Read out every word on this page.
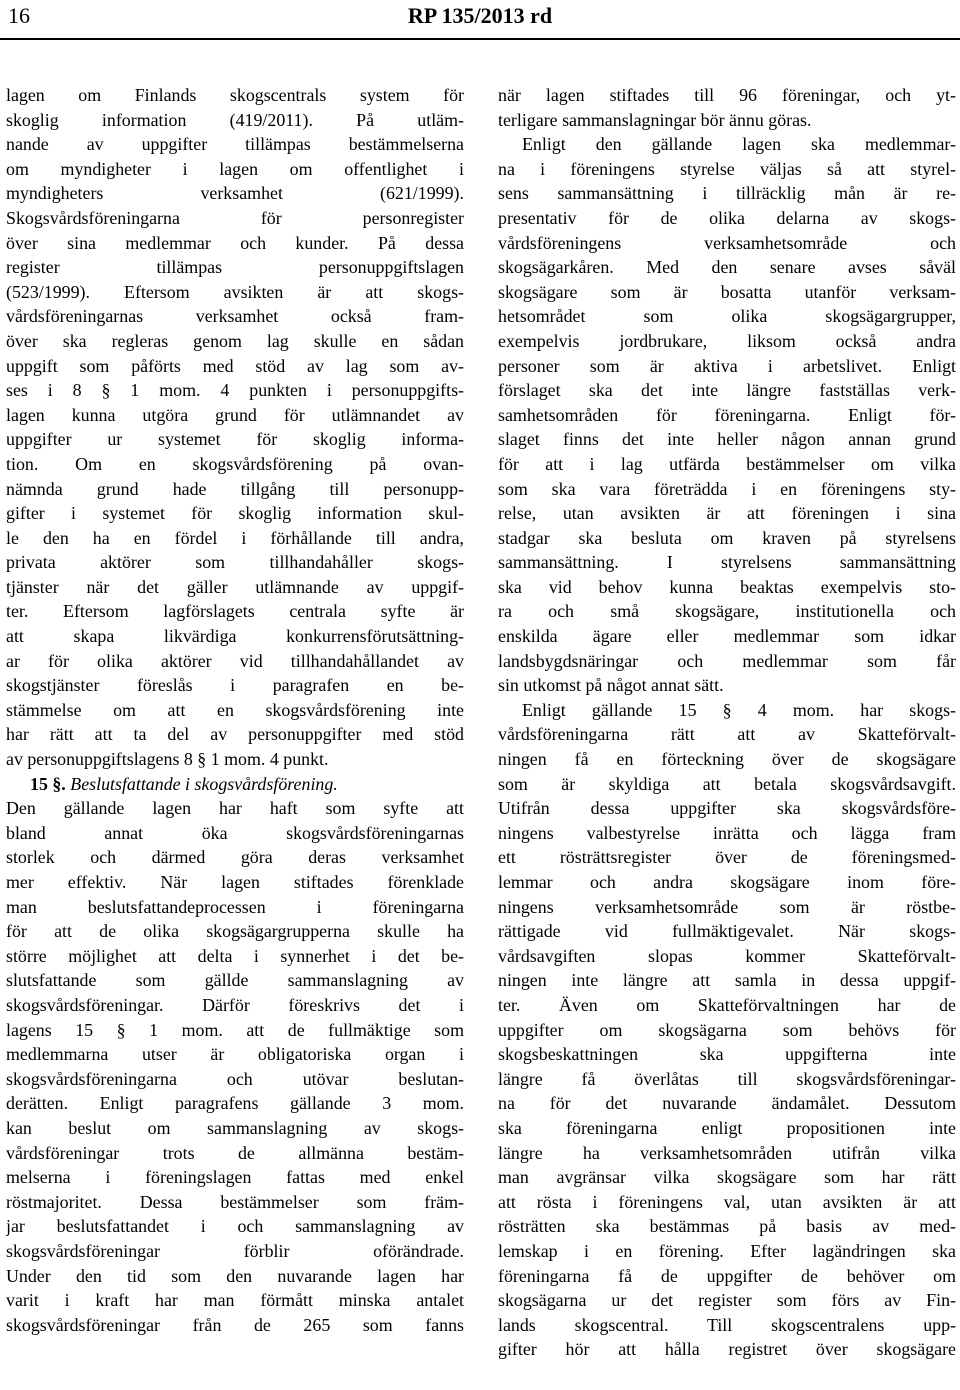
16	RP 135/2013 rd
lagen om Finlands skogscentrals system för
skoglig information (419/2011). På utläm-
nande av uppgifter tillämpas bestämmelserna
om myndigheter i lagen om offentlighet i
myndigheters verksamhet (621/1999).
Skogsvårdsföreningarna för personregister
över sina medlemmar och kunder. På dessa
register tillämpas personuppgiftslagen
(523/1999). Eftersom avsikten är att skogs-
vårdsföreningarnas verksamhet också fram-
över ska regleras genom lag skulle en sådan
uppgift som påförts med stöd av lag som av-
ses i 8 § 1 mom. 4 punkten i personuppgifts-
lagen kunna utgöra grund för utlämnandet av
uppgifter ur systemet för skoglig informa-
tion. Om en skogsvårdsförening på ovan-
nämnda grund hade tillgång till personupp-
gifter i systemet för skoglig information skul-
le den ha en fördel i förhållande till andra,
privata aktörer som tillhandahåller skogs-
tjänster när det gäller utlämnande av uppgif-
ter. Eftersom lagförslagets centrala syfte är
att skapa likvärdiga konkurrensförutsättning-
ar för olika aktörer vid tillhandahållandet av
skogstjänster föreslås i paragrafen en be-
stämmelse om att en skogsvårdsförening inte
har rätt att ta del av personuppgifter med stöd
av personuppgiftslagens 8 § 1 mom. 4 punkt.
15 §. Beslutsfattande i skogsvårdsförening.
Den gällande lagen har haft som syfte att
bland annat öka skogsvårdsföreningarnas
storlek och därmed göra deras verksamhet
mer effektiv. När lagen stiftades förenklade
man beslutsfattandeprocessen i föreningarna
för att de olika skogsägargrupperna skulle ha
större möjlighet att delta i synnerhet i det be-
slutsfattande som gällde sammanslagning av
skogsvårdsföreningar. Därför föreskrivs det i
lagens 15 § 1 mom. att de fullmäktige som
medlemmarna utser är obligatoriska organ i
skogsvårdsföreningarna och utövar beslutan-
derätten. Enligt paragrafens gällande 3 mom.
kan beslut om sammanslagning av skogs-
vårdsföreningar trots de allmänna bestäm-
melserna i föreningslagen fattas med enkel
röstmajoritet. Dessa bestämmelser som främ-
jar beslutsfattandet i och sammanslagning av
skogsvårdsföreningar förblir oförändrade.
Under den tid som den nuvarande lagen har
varit i kraft har man förmått minska antalet
skogsvårdsföreningar från de 265 som fanns
när lagen stiftades till 96 föreningar, och yt-
terligare sammanslagningar bör ännu göras.
Enligt den gällande lagen ska medlemmar-
na i föreningens styrelse väljas så att styrel-
sens sammansättning i tillräcklig mån är re-
presentativ för de olika delarna av skogs-
vårdsföreningens verksamhetsområde och
skogsägarkåren. Med den senare avses såväl
skogsägare som är bosatta utanför verksam-
hetsområdet som olika skogsägargrupper,
exempelvis jordbrukare, liksom också andra
personer som är aktiva i arbetslivet. Enligt
förslaget ska det inte längre fastställas verk-
samhetsområden för föreningarna. Enligt för-
slaget finns det inte heller någon annan grund
för att i lag utfärda bestämmelser om vilka
som ska vara företrädda i en föreningens sty-
relse, utan avsikten är att föreningen i sina
stadgar ska besluta om kraven på styrelsens
sammansättning. I styrelsens sammansättning
ska vid behov kunna beaktas exempelvis sto-
ra och små skogsägare, institutionella och
enskilda ägare eller medlemmar som idkar
landsbygdsnäringar och medlemmar som får
sin utkomst på något annat sätt.
Enligt gällande 15 § 4 mom. har skogs-
vårdsföreningarna rätt att av Skatteförvalt-
ningen få en förteckning över de skogsägare
som är skyldiga att betala skogsvårdsavgift.
Utifrån dessa uppgifter ska skogsvårdsföre-
ningens valbestyrelse inrätta och lägga fram
ett rösträttsregister över de föreningsmed-
lemmar och andra skogsägare inom före-
ningens verksamhetsområde som är röstbe-
rättigade vid fullmäktigevalet. När skogs-
vårdsavgiften slopas kommer Skatteförvalt-
ningen inte längre att samla in dessa uppgif-
ter. Även om Skatteförvaltningen har de
uppgifter om skogsägarna som behövs för
skogsbeskattningen ska uppgifterna inte
längre få överlåtas till skogsvårdsföreningar-
na för det nuvarande ändamålet. Dessutom
ska föreningarna enligt propositionen inte
längre ha verksamhetsområden utifrån vilka
man avgränsar vilka skogsägare som har rätt
att rösta i föreningens val, utan avsikten är att
rösträtten ska bestämmas på basis av med-
lemskap i en förening. Efter lagändringen ska
föreningarna få de uppgifter de behöver om
skogsägarna ur det register som förs av Fin-
lands skogscentral. Till skogscentralens upp-
gifter hör att hålla registret över skogsägare
